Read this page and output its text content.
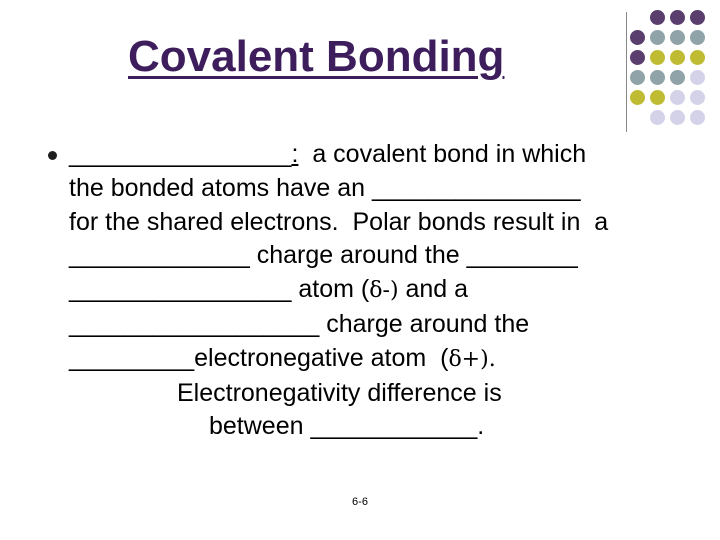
Covalent Bonding
________________:  a covalent bond in which
the bonded atoms have an _______________
for the shared electrons.  Polar bonds result in  a
_____________ charge around the ________
________________ atom (δ-) and a
__________________ charge around the
_________electronegative atom  (δ+).
Electronegativity difference is
between ____________.
6-6
